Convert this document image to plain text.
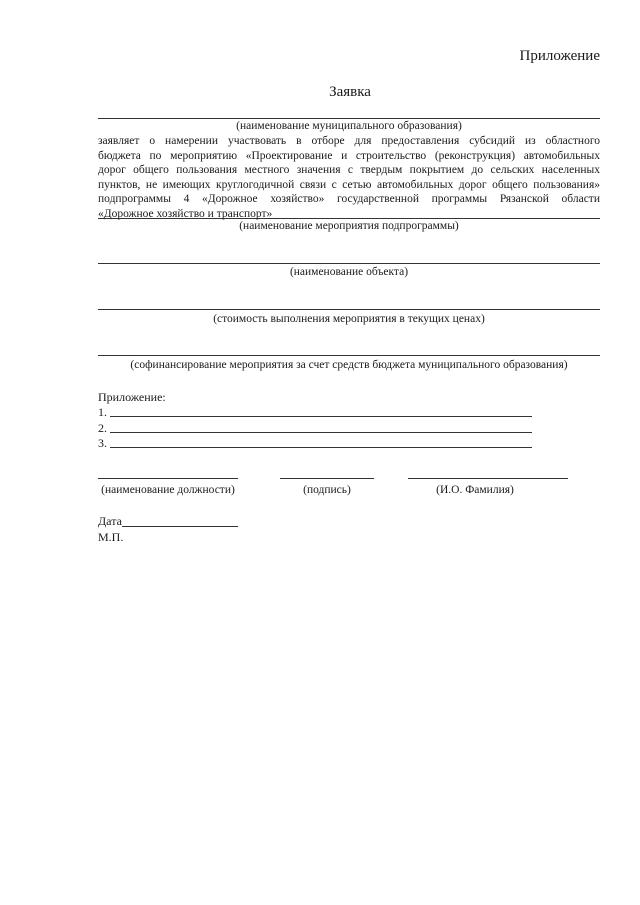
Приложение
Заявка
(наименование муниципального образования)
заявляет о намерении участвовать в отборе для предоставления субсидий из областного
бюджета по мероприятию «Проектирование и строительство (реконструкция) автомобильных
дорог общего пользования местного значения с твердым покрытием до сельских населенных
пунктов, не имеющих круглогодичной связи с сетью автомобильных дорог общего пользования»
подпрограммы 4 «Дорожное хозяйство» государственной программы Рязанской области
«Дорожное хозяйство и транспорт»
(наименование мероприятия подпрограммы)
(наименование объекта)
(стоимость выполнения мероприятия в текущих ценах)
(софинансирование мероприятия за счет средств бюджета муниципального образования)
Приложение:
1.
2.
3.
(наименование должности)	(подпись)	(И.О. Фамилия)
Дата
М.П.
